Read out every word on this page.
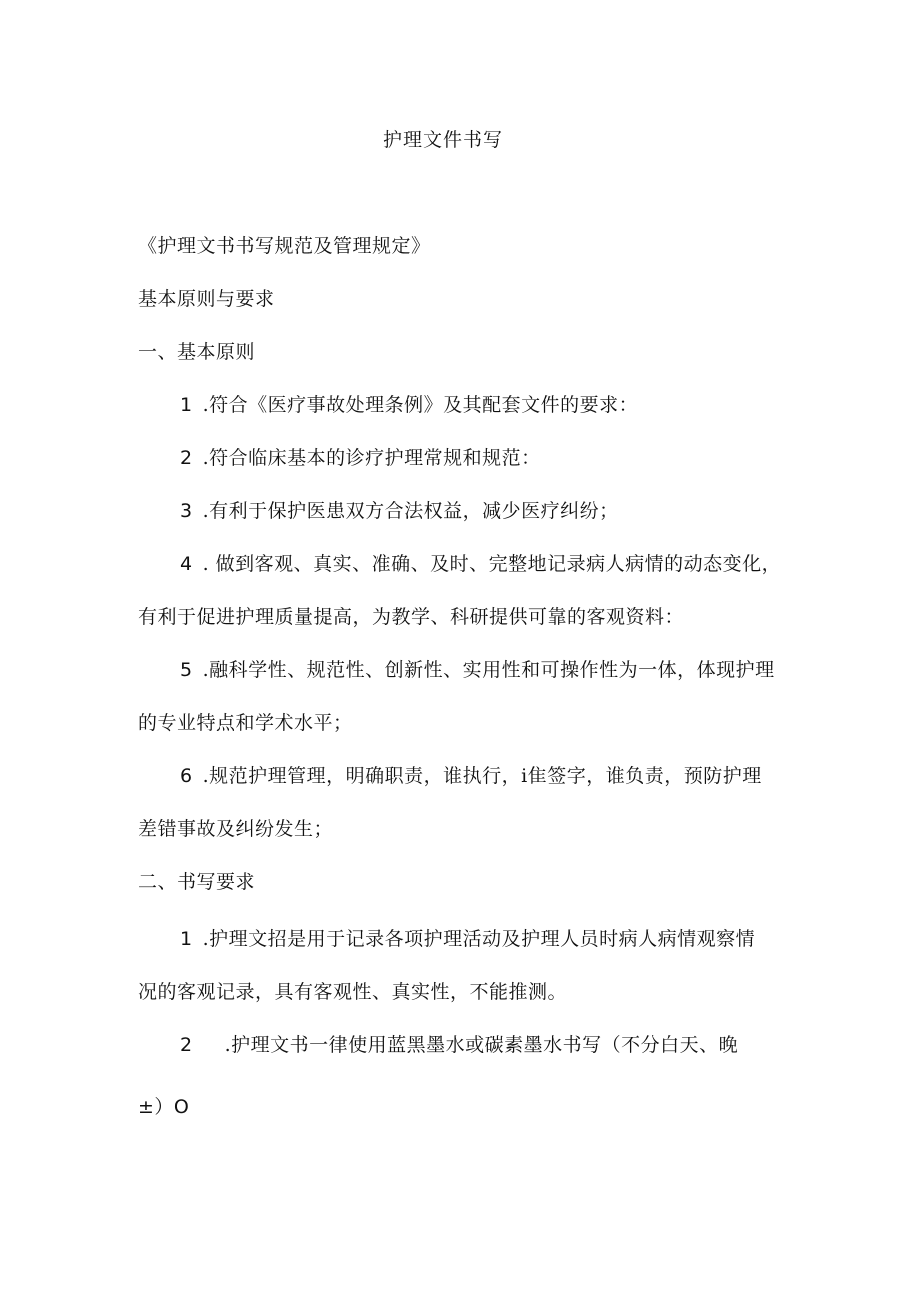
护理文件书写
《护理文书书写规范及管理规定》
基本原则与要求
一、基本原则
1 .符合《医疗事故处理条例》及其配套文件的要求：
2 .符合临床基本的诊疗护理常规和规范：
3 .有利于保护医患双方合法权益，减少医疗纠纷；
4 . 做到客观、真实、准确、及时、完整地记录病人病情的动态变化，
有利于促进护理质量提高，为教学、科研提供可靠的客观资料：
5 .融科学性、规范性、创新性、实用性和可操作性为一体，体现护理
的专业特点和学术水平；
6 .规范护理管理，明确职责，谁执行，i隹签字，谁负责，预防护理
差错事故及纠纷发生；
二、书写要求
1 .护理文招是用于记录各项护理活动及护理人员时病人病情观察情
况的客观记录，具有客观性、真实性，不能推测。
2 .护理文书一律使用蓝黑墨水或碳素墨水书写（不分白天、晚
±）O
